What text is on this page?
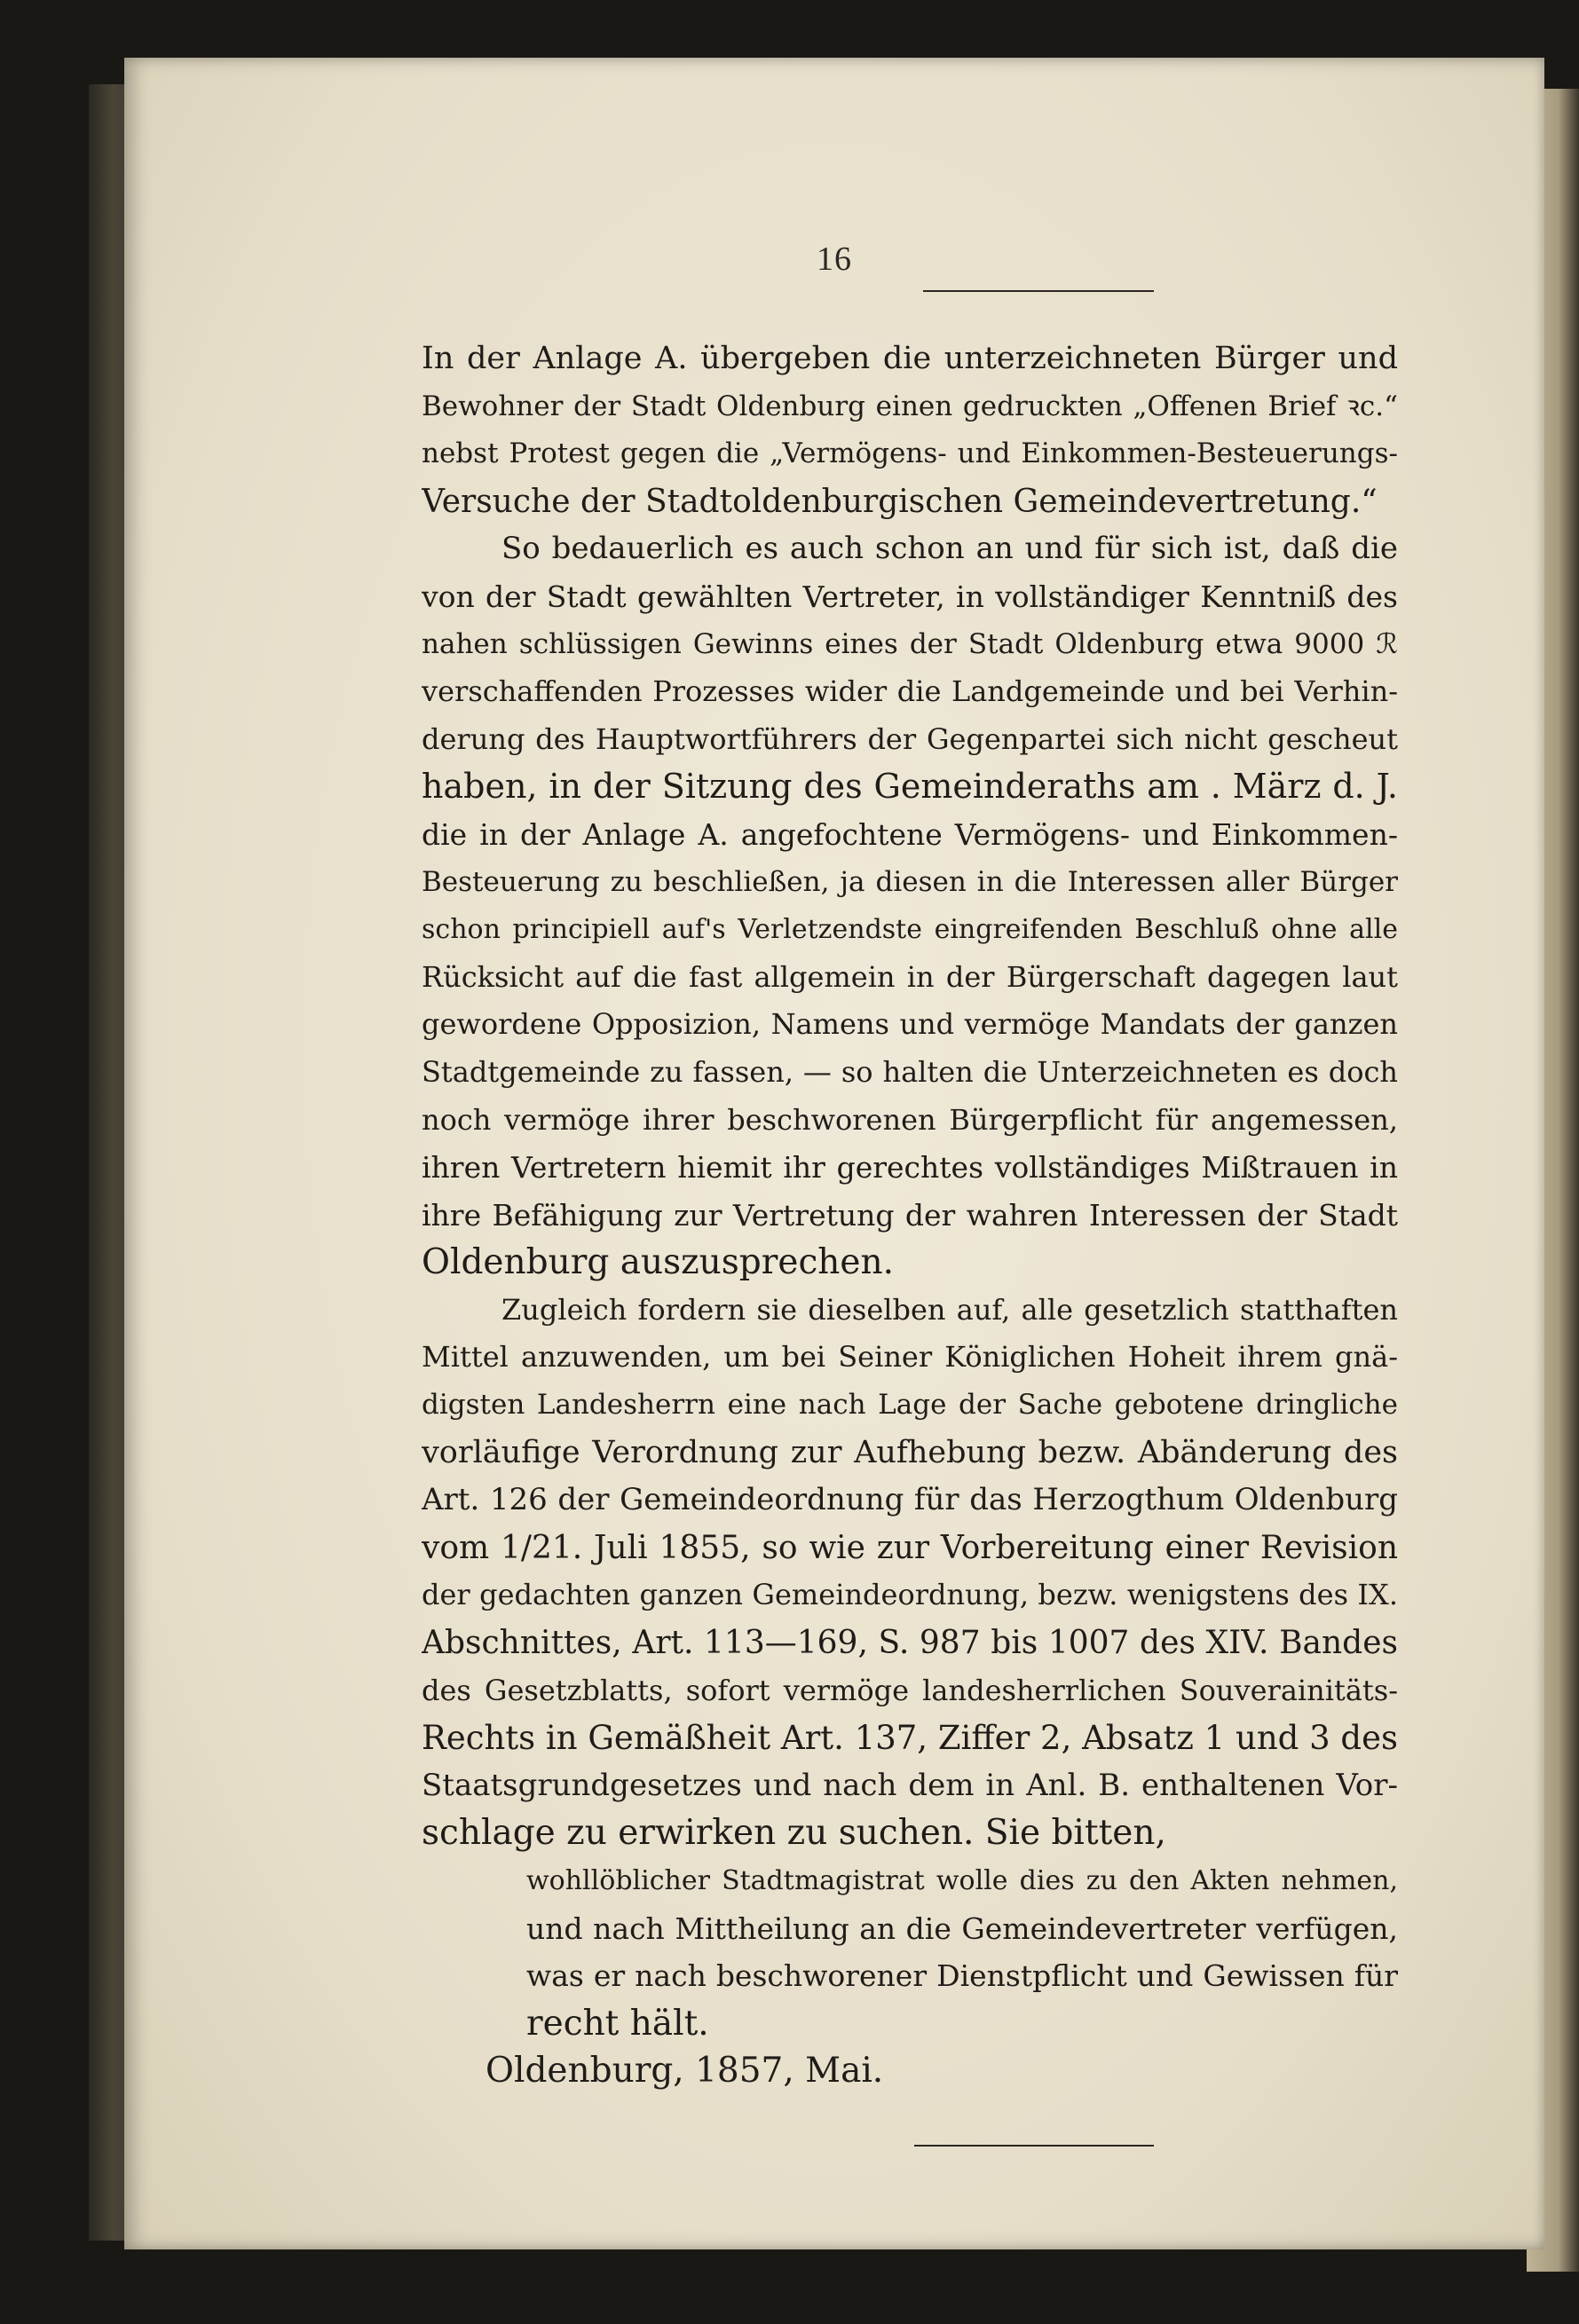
16
In der Anlage A. übergeben die unterzeichneten Bürger und
Bewohner der Stadt Oldenburg einen gedruckten „Offenen Brief ꝛc.“
nebst Protest gegen die „Vermögens- und Einkommen-Besteuerungs-
Versuche der Stadtoldenburgischen Gemeindevertretung.“
So bedauerlich es auch schon an und für sich ist, daß die
von der Stadt gewählten Vertreter, in vollständiger Kenntniß des
nahen schlüssigen Gewinns eines der Stadt Oldenburg etwa 9000 ℛ
verschaffenden Prozesses wider die Landgemeinde und bei Verhin-
derung des Hauptwortführers der Gegenpartei sich nicht gescheut
haben, in der Sitzung des Gemeinderaths am . März d. J.
die in der Anlage A. angefochtene Vermögens- und Einkommen-
Besteuerung zu beschließen, ja diesen in die Interessen aller Bürger
schon principiell auf's Verletzendste eingreifenden Beschluß ohne alle
Rücksicht auf die fast allgemein in der Bürgerschaft dagegen laut
gewordene Opposizion, Namens und vermöge Mandats der ganzen
Stadtgemeinde zu fassen, — so halten die Unterzeichneten es doch
noch vermöge ihrer beschworenen Bürgerpflicht für angemessen,
ihren Vertretern hiemit ihr gerechtes vollständiges Mißtrauen in
ihre Befähigung zur Vertretung der wahren Interessen der Stadt
Oldenburg auszusprechen.
Zugleich fordern sie dieselben auf, alle gesetzlich statthaften
Mittel anzuwenden, um bei Seiner Königlichen Hoheit ihrem gnä-
digsten Landesherrn eine nach Lage der Sache gebotene dringliche
vorläufige Verordnung zur Aufhebung bezw. Abänderung des
Art. 126 der Gemeindeordnung für das Herzogthum Oldenburg
vom 1/21. Juli 1855, so wie zur Vorbereitung einer Revision
der gedachten ganzen Gemeindeordnung, bezw. wenigstens des IX.
Abschnittes, Art. 113—169, S. 987 bis 1007 des XIV. Bandes
des Gesetzblatts, sofort vermöge landesherrlichen Souverainitäts-
Rechts in Gemäßheit Art. 137, Ziffer 2, Absatz 1 und 3 des
Staatsgrundgesetzes und nach dem in Anl. B. enthaltenen Vor-
schlage zu erwirken zu suchen. Sie bitten,
wohllöblicher Stadtmagistrat wolle dies zu den Akten nehmen,
und nach Mittheilung an die Gemeindevertreter verfügen,
was er nach beschworener Dienstpflicht und Gewissen für
recht hält.
Oldenburg, 1857, Mai.
